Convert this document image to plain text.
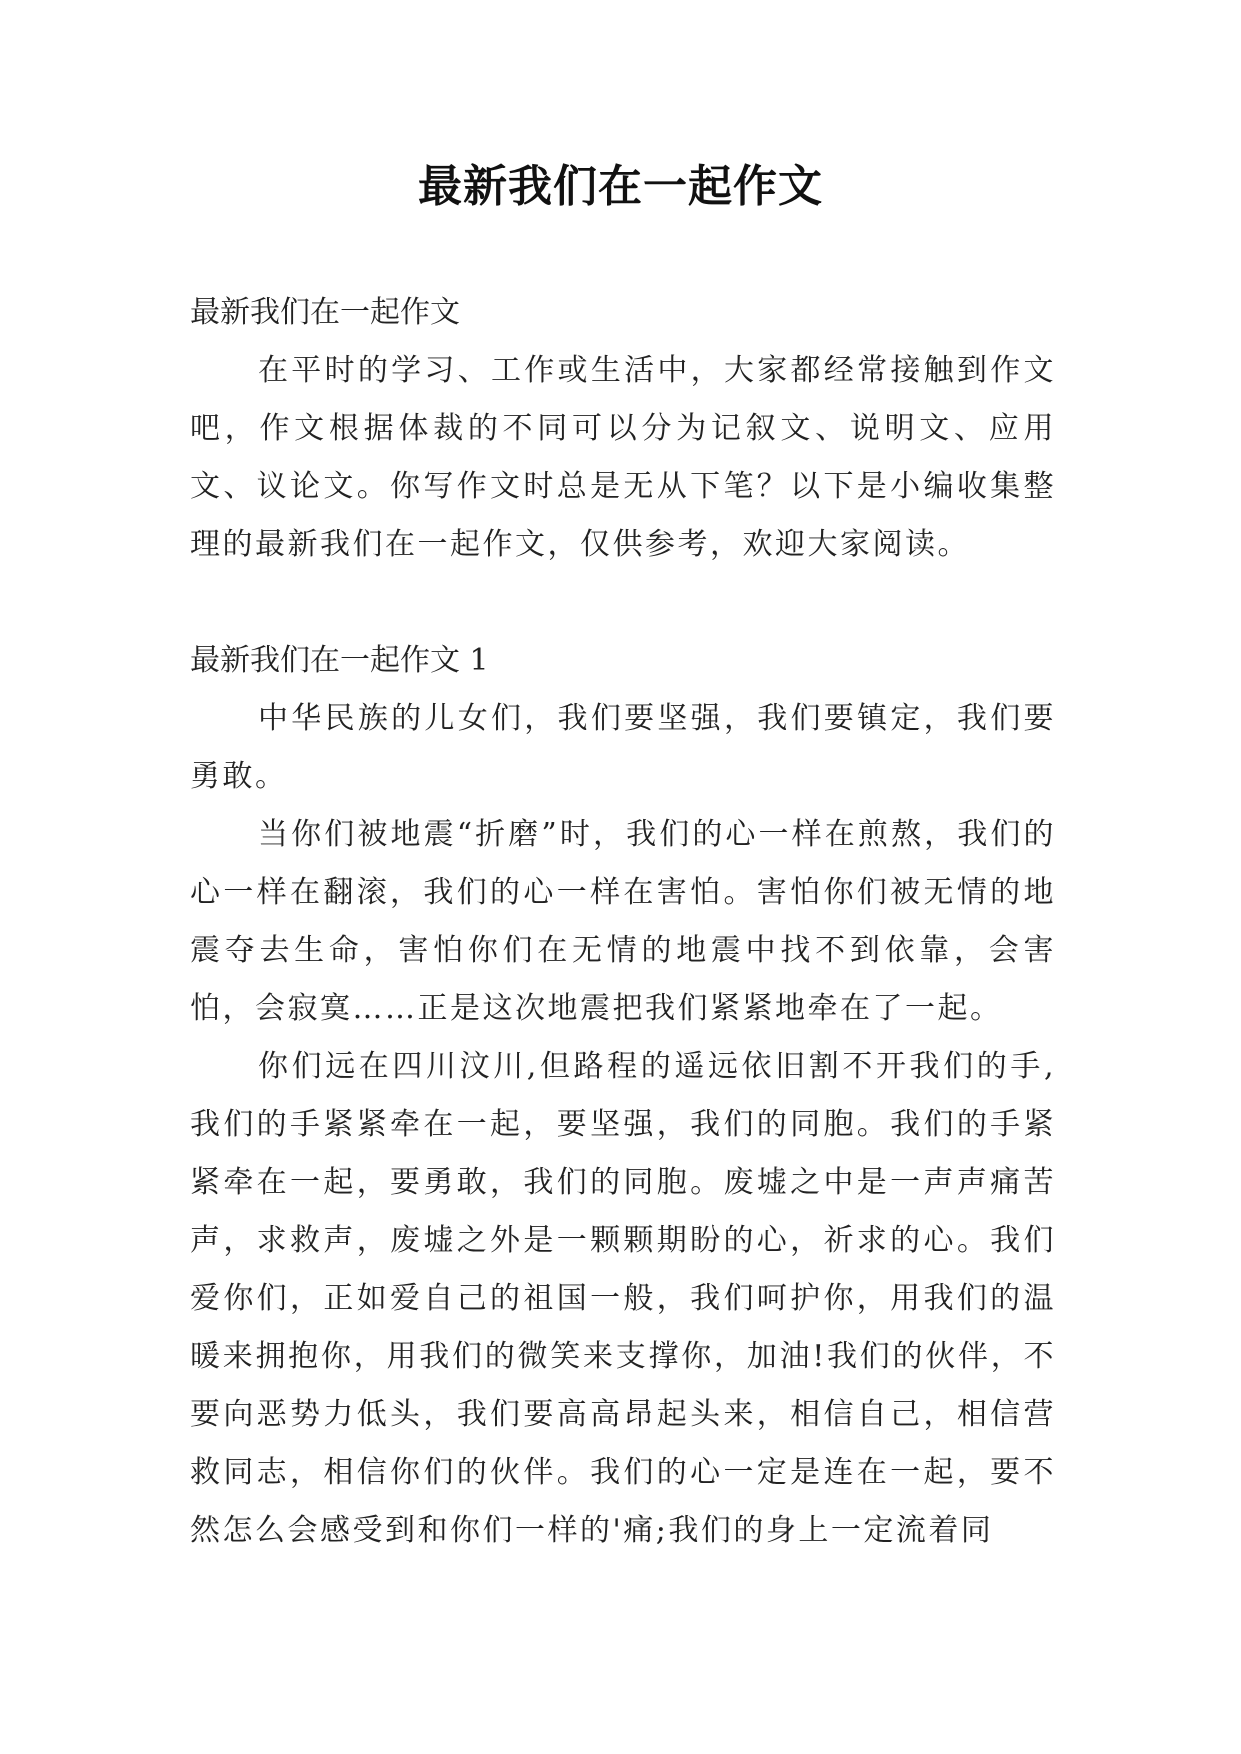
最新我们在一起作文

最新我们在一起作文

在平时的学习、工作或生活中，大家都经常接触到作文吧，作文根据体裁的不同可以分为记叙文、说明文、应用文、议论文。你写作文时总是无从下笔？以下是小编收集整理的最新我们在一起作文，仅供参考，欢迎大家阅读。

最新我们在一起作文 1

中华民族的儿女们，我们要坚强，我们要镇定，我们要勇敢。

当你们被地震“折磨”时，我们的心一样在煎熬，我们的心一样在翻滚，我们的心一样在害怕。害怕你们被无情的地震夺去生命，害怕你们在无情的地震中找不到依靠，会害怕，会寂寞……正是这次地震把我们紧紧地牵在了一起。

你们远在四川汶川,但路程的遥远依旧割不开我们的手,我们的手紧紧牵在一起，要坚强，我们的同胞。我们的手紧紧牵在一起，要勇敢，我们的同胞。废墟之中是一声声痛苦声，求救声，废墟之外是一颗颗期盼的心，祈求的心。我们爱你们，正如爱自己的祖国一般，我们呵护你，用我们的温暖来拥抱你，用我们的微笑来支撑你，加油!我们的伙伴，不要向恶势力低头，我们要高高昂起头来，相信自己，相信营救同志，相信你们的伙伴。我们的心一定是连在一起，要不然怎么会感受到和你们一样的'痛;我们的身上一定流着同
